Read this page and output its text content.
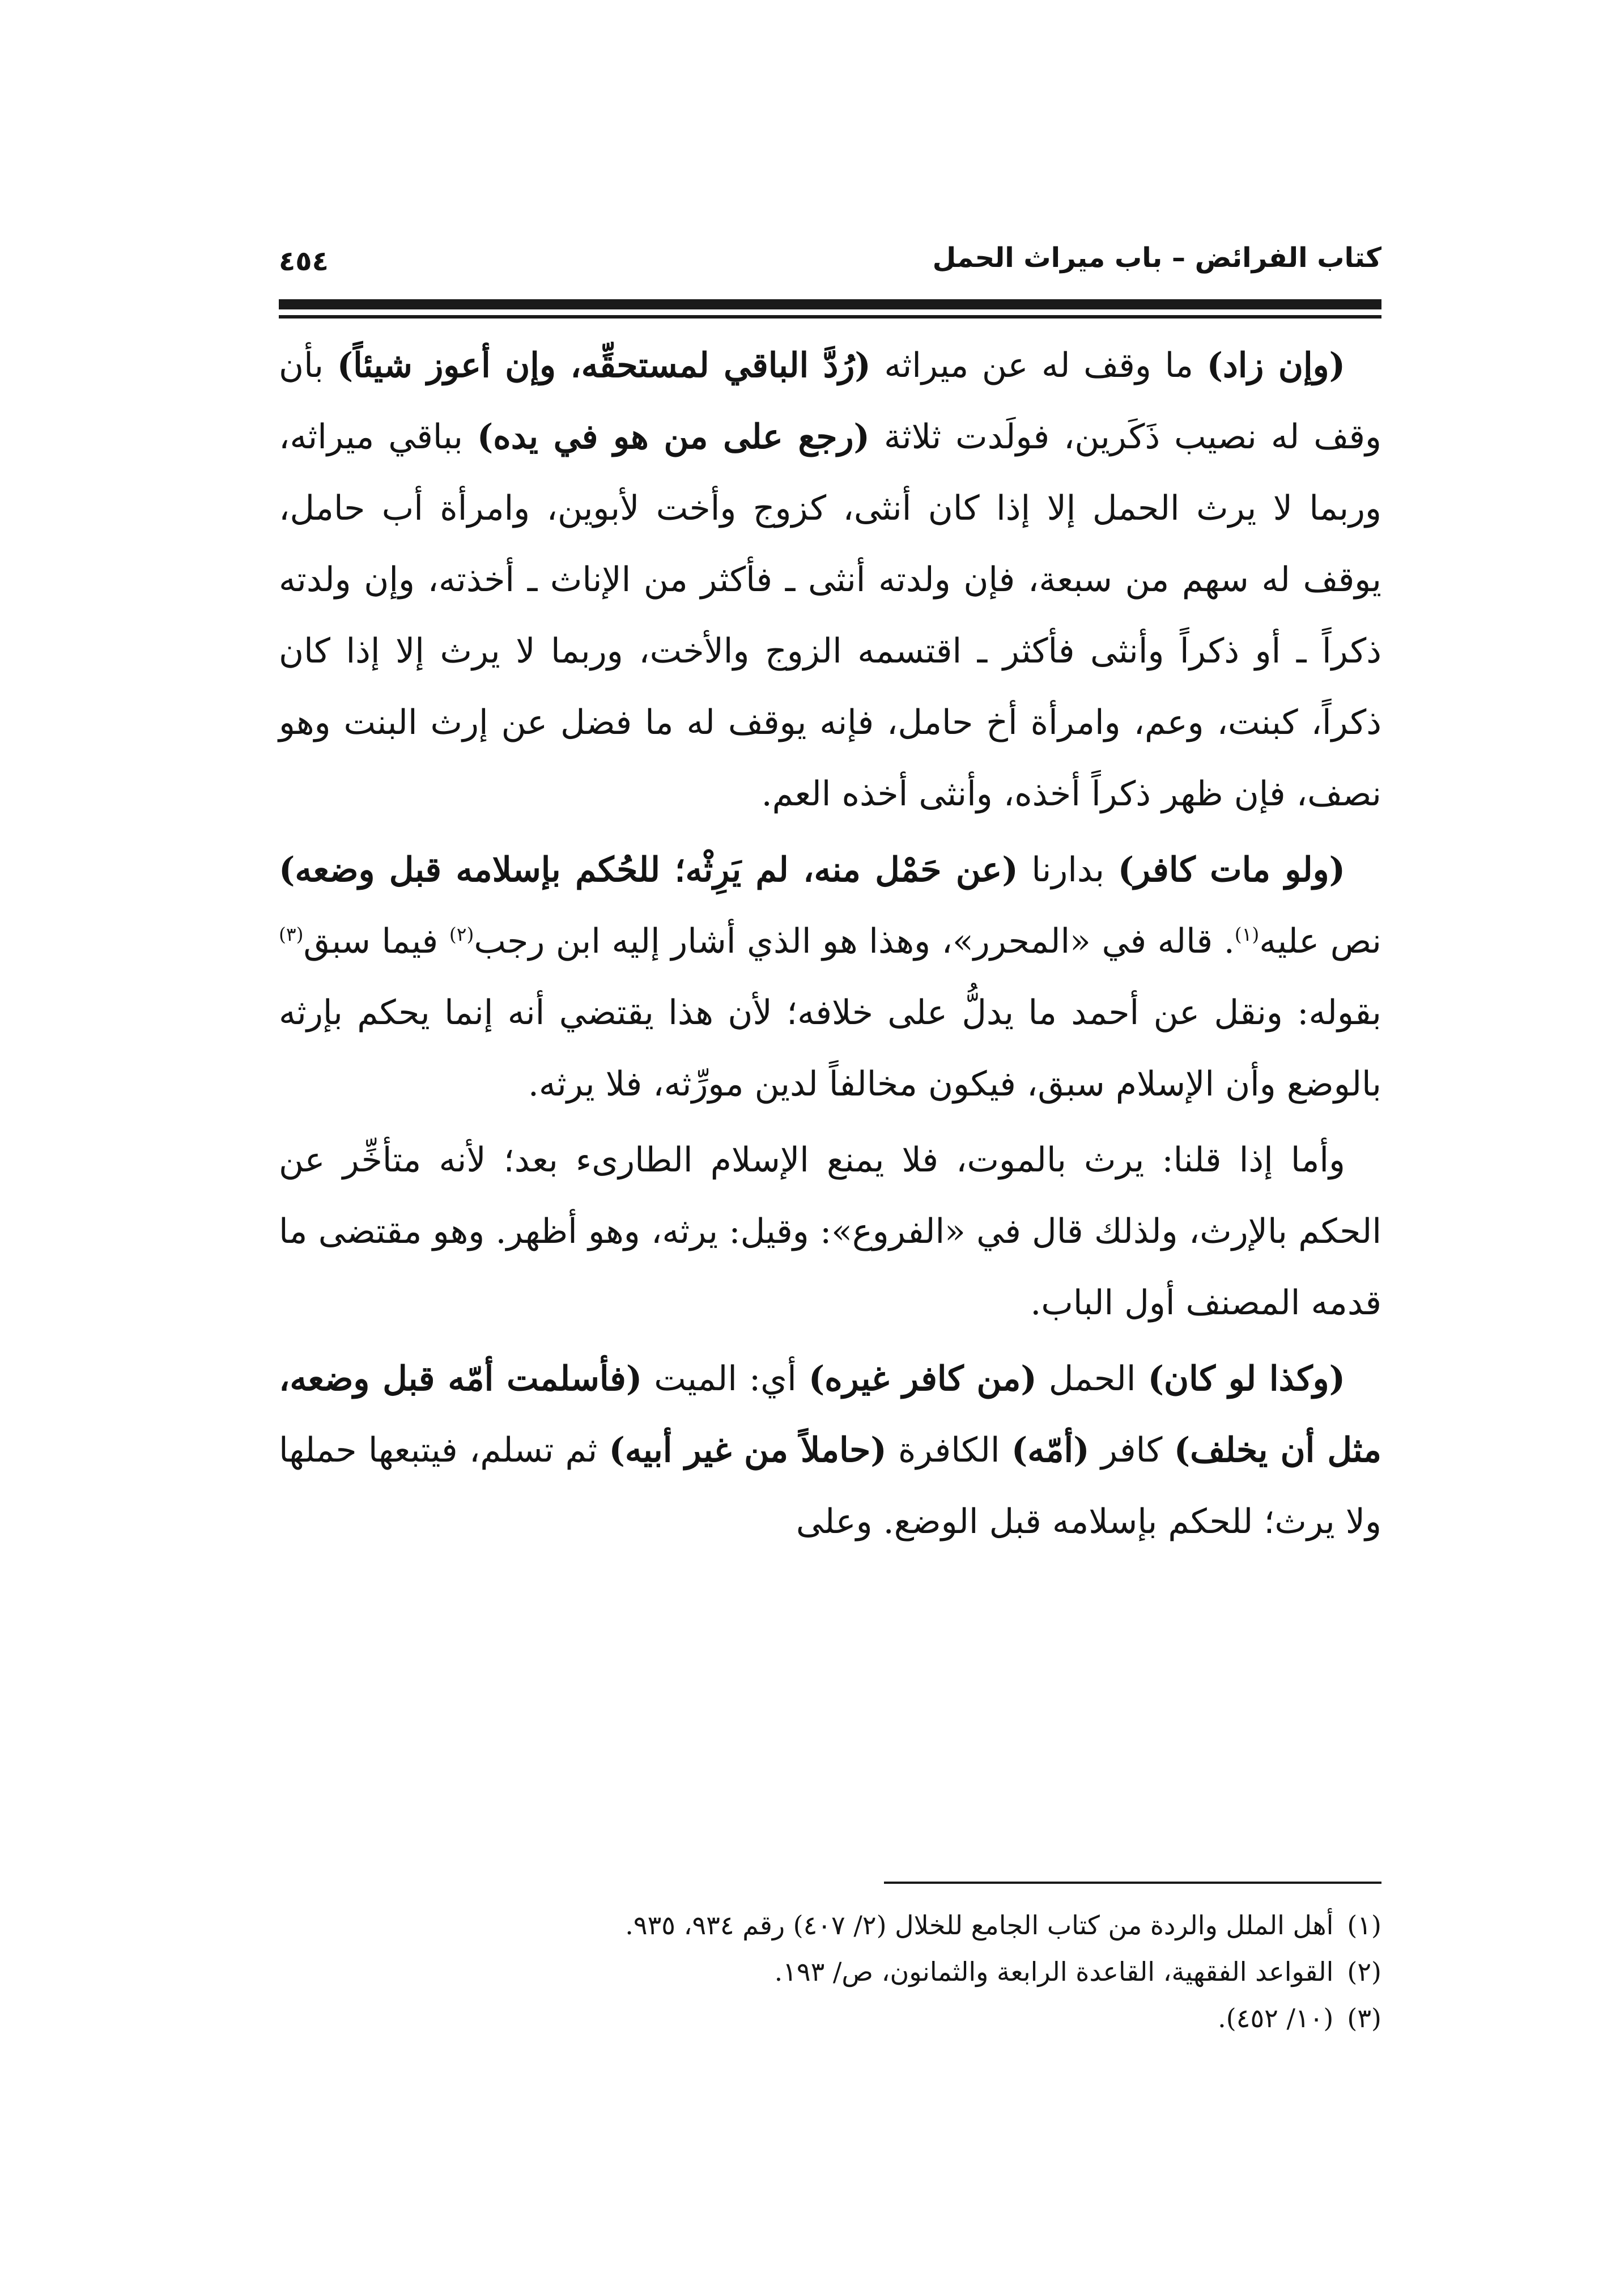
كتاب الفرائض – باب ميراث الحمل
٤٥٤

(وإن زاد) ما وقف له عن ميراثه (رُدَّ الباقي لمستحقِّه، وإن أعوز شيئاً) بأن وقف له نصيب ذَكَرين، فولَدت ثلاثة (رجع على من هو في يده) بباقي ميراثه، وربما لا يرث الحمل إلا إذا كان أنثى، كزوج وأخت لأبوين، وامرأة أب حامل، يوقف له سهم من سبعة، فإن ولدته أنثى ـ فأكثر من الإناث ـ أخذته، وإن ولدته ذكراً ـ أو ذكراً وأنثى فأكثر ـ اقتسمه الزوج والأخت، وربما لا يرث إلا إذا كان ذكراً، كبنت، وعم، وامرأة أخ حامل، فإنه يوقف له ما فضل عن إرث البنت وهو نصف، فإن ظهر ذكراً أخذه، وأنثى أخذه العم.

(ولو مات كافر) بدارنا (عن حَمْل منه، لم يَرِثْه؛ للحُكم بإسلامه قبل وضعه) نص عليه$^{(١)}$. قاله في «المحرر»، وهذا هو الذي أشار إليه ابن رجب$^{(٢)}$ فيما سبق$^{(٣)}$ بقوله: ونقل عن أحمد ما يدلُّ على خلافه؛ لأن هذا يقتضي أنه إنما يحكم بإرثه بالوضع وأن الإسلام سبق، فيكون مخالفاً لدين مورِّثه، فلا يرثه.

وأما إذا قلنا: يرث بالموت، فلا يمنع الإسلام الطارىء بعد؛ لأنه متأخِّر عن الحكم بالإرث، ولذلك قال في «الفروع»: وقيل: يرثه، وهو أظهر. وهو مقتضى ما قدمه المصنف أول الباب.

(وكذا لو كان) الحمل (من كافر غيره) أي: الميت (فأسلمت أمّه قبل وضعه، مثل أن يخلف) كافر (أمّه) الكافرة (حاملاً من غير أبيه) ثم تسلم، فيتبعها حملها ولا يرث؛ للحكم بإسلامه قبل الوضع. وعلى

(١)أهل الملل والردة من كتاب الجامع للخلال (٢/ ٤٠٧) رقم ٩٣٤، ٩٣٥.

(٢)القواعد الفقهية، القاعدة الرابعة والثمانون، ص/ ١٩٣.

(٣)(١٠/ ٤٥٢).
